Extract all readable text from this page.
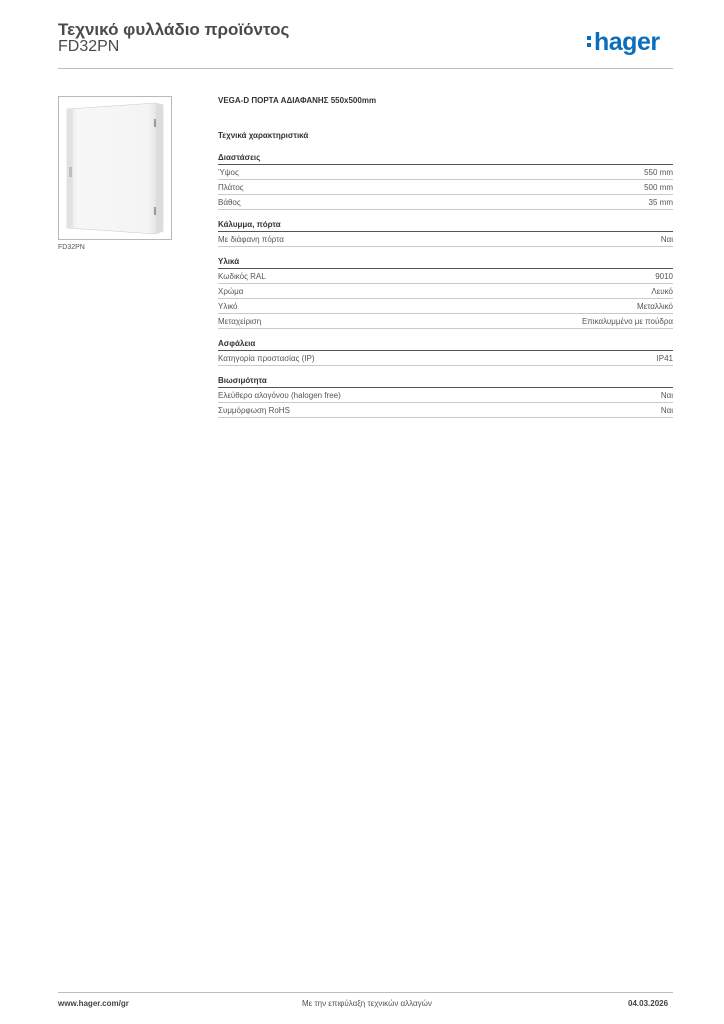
Τεχνικό φυλλάδιο προϊόντος
FD32PN	hager
FD32PN
VEGA-D ΠΟΡΤΑ ΑΔΙΑΦΑΝΗΣ 550x500mm
Τεχνικά χαρακτηριστικά
Διαστάσεις
Ύψος	550 mm
Πλάτος	500 mm
Βάθος	35 mm
Κάλυμμα, πόρτα
Με διάφανη πόρτα	Ναι
Υλικά
Κωδικός RAL	9010
Χρώμα	Λευκό
Υλικό	Μεταλλικό
Μεταχείριση	Επικαλυμμένο με πούδρα
Ασφάλεια
Κατηγορία προστασίας (IP)	IP41
Βιωσιμότητα
Ελεύθερο αλογόνου (halogen free)	Ναι
Συμμόρφωση RoHS	Ναι
www.hager.com/gr	Με την επιφύλαξη τεχνικών αλλαγών	04.03.2026
